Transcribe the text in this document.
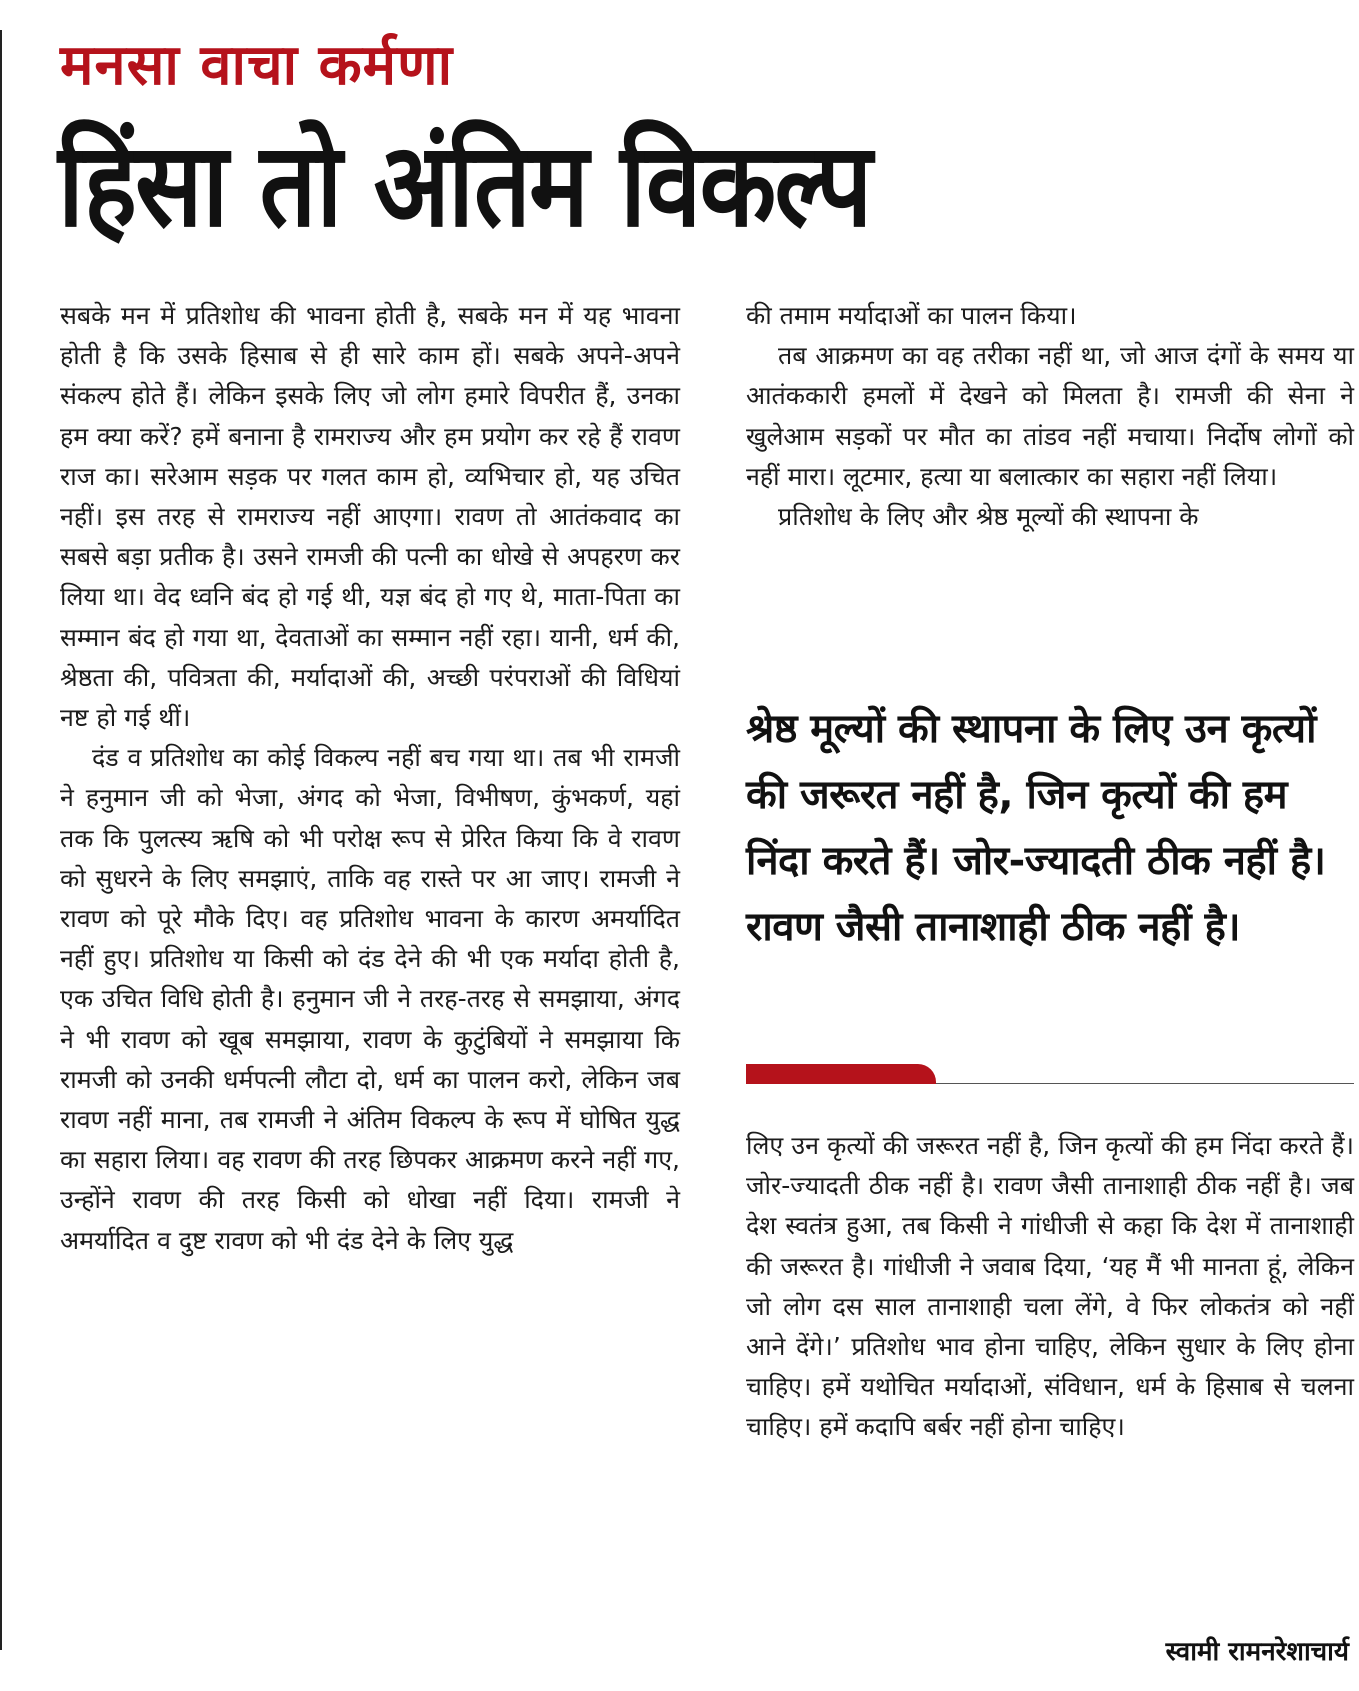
मनसा वाचा कर्मणा
हिंसा तो अंतिम विकल्प

सबके मन में प्रतिशोध की भावना होती है, सबके मन में यह भावना होती है कि उसके हिसाब से ही सारे काम हों। सबके अपने-अपने संकल्प होते हैं। लेकिन इसके लिए जो लोग हमारे विपरीत हैं, उनका हम क्या करें? हमें बनाना है रामराज्य और हम प्रयोग कर रहे हैं रावण राज का। सरेआम सड़क पर गलत काम हो, व्यभिचार हो, यह उचित नहीं। इस तरह से रामराज्य नहीं आएगा। रावण तो आतंकवाद का सबसे बड़ा प्रतीक है। उसने रामजी की पत्नी का धोखे से अपहरण कर लिया था। वेद ध्वनि बंद हो गई थी, यज्ञ बंद हो गए थे, माता-पिता का सम्मान बंद हो गया था, देवताओं का सम्मान नहीं रहा। यानी, धर्म की, श्रेष्ठता की, पवित्रता की, मर्यादाओं की, अच्छी परंपराओं की विधियां नष्ट हो गई थीं।

दंड व प्रतिशोध का कोई विकल्प नहीं बच गया था। तब भी रामजी ने हनुमान जी को भेजा, अंगद को भेजा, विभीषण, कुंभकर्ण, यहां तक कि पुलत्स्य ऋषि को भी परोक्ष रूप से प्रेरित किया कि वे रावण को सुधरने के लिए समझाएं, ताकि वह रास्ते पर आ जाए। रामजी ने रावण को पूरे मौके दिए। वह प्रतिशोध भावना के कारण अमर्यादित नहीं हुए। प्रतिशोध या किसी को दंड देने की भी एक मर्यादा होती है, एक उचित विधि होती है। हनुमान जी ने तरह-तरह से समझाया, अंगद ने भी रावण को खूब समझाया, रावण के कुटुंबियों ने समझाया कि रामजी को उनकी धर्मपत्नी लौटा दो, धर्म का पालन करो, लेकिन जब रावण नहीं माना, तब रामजी ने अंतिम विकल्प के रूप में घोषित युद्ध का सहारा लिया। वह रावण की तरह छिपकर आक्रमण करने नहीं गए, उन्होंने रावण की तरह किसी को धोखा नहीं दिया। रामजी ने अमर्यादित व दुष्ट रावण को भी दंड देने के लिए युद्ध

की तमाम मर्यादाओं का पालन किया।

तब आक्रमण का वह तरीका नहीं था, जो आज दंगों के समय या आतंककारी हमलों में देखने को मिलता है। रामजी की सेना ने खुलेआम सड़कों पर मौत का तांडव नहीं मचाया। निर्दोष लोगों को नहीं मारा। लूटमार, हत्या या बलात्कार का सहारा नहीं लिया।

प्रतिशोध के लिए और श्रेष्ठ मूल्यों की स्थापना के

श्रेष्ठ मूल्यों की स्थापना के लिए उन कृत्यों की जरूरत नहीं है, जिन कृत्यों की हम निंदा करते हैं। जोर-ज्यादती ठीक नहीं है। रावण जैसी तानाशाही ठीक नहीं है।

लिए उन कृत्यों की जरूरत नहीं है, जिन कृत्यों की हम निंदा करते हैं। जोर-ज्यादती ठीक नहीं है। रावण जैसी तानाशाही ठीक नहीं है। जब देश स्वतंत्र हुआ, तब किसी ने गांधीजी से कहा कि देश में तानाशाही की जरूरत है। गांधीजी ने जवाब दिया, ‘यह मैं भी मानता हूं, लेकिन जो लोग दस साल तानाशाही चला लेंगे, वे फिर लोकतंत्र को नहीं आने देंगे।’ प्रतिशोध भाव होना चाहिए, लेकिन सुधार के लिए होना चाहिए। हमें यथोचित मर्यादाओं, संविधान, धर्म के हिसाब से चलना चाहिए। हमें कदापि बर्बर नहीं होना चाहिए।

स्वामी रामनरेशाचार्य
